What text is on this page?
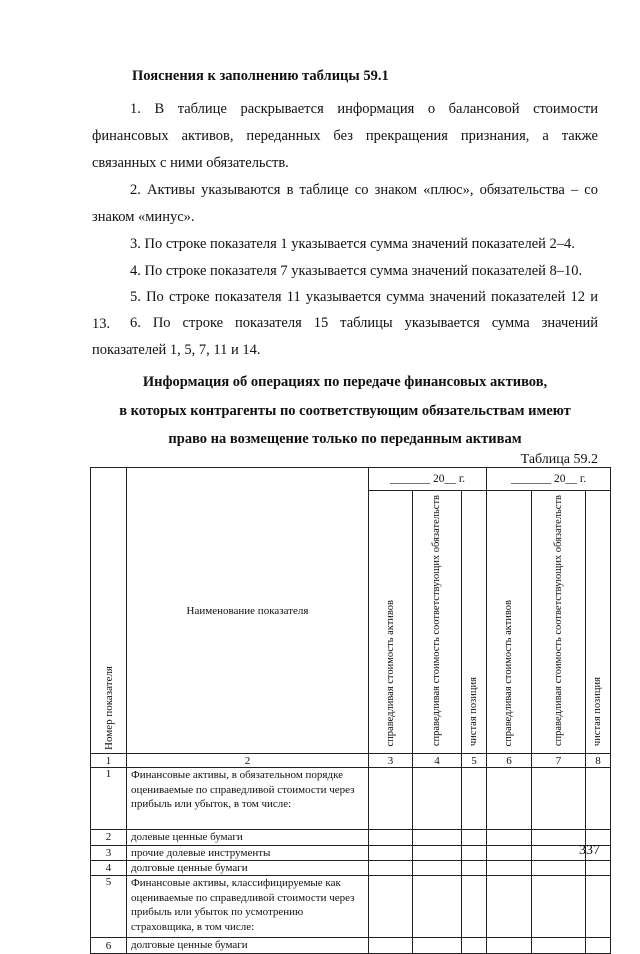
Пояснения к заполнению таблицы 59.1
1. В таблице раскрывается информация о балансовой стоимости финансовых активов, переданных без прекращения признания, а также связанных с ними обязательств.
2. Активы указываются в таблице со знаком «плюс», обязательства – со знаком «минус».
3. По строке показателя 1 указывается сумма значений показателей 2–4.
4. По строке показателя 7 указывается сумма значений показателей 8–10.
5. По строке показателя 11 указывается сумма значений показателей 12 и 13.	6. По строке показателя 15 таблицы указывается сумма значений показателей 1, 5, 7, 11 и 14.
Информация об операциях по передаче финансовых активов,
в которых контрагенты по соответствующим обязательствам имеют
право на возмещение только по переданным активам
Таблица 59.2
Номер показателя	Наименование показателя	_______ 20__ г.			_______ 20__ г.		
		справедливая стоимость активов	справедливая стоимость соответствующих обязательств	чистая позиция	справедливая стоимость активов	справедливая стоимость соответствующих обязательств	чистая позиция
1	2	3	4	5	6	7	8
1	Финансовые активы, в обязательном порядке оцениваемые по справедливой стоимости через прибыль или убыток, в том числе:						
2	долевые ценные бумаги						
3	прочие долевые инструменты						
4	долговые ценные бумаги						
5	Финансовые активы, классифицируемые как оцениваемые по справедливой стоимости через прибыль или убыток по усмотрению страховщика, в том числе:						
6	долговые ценные бумаги						
337
